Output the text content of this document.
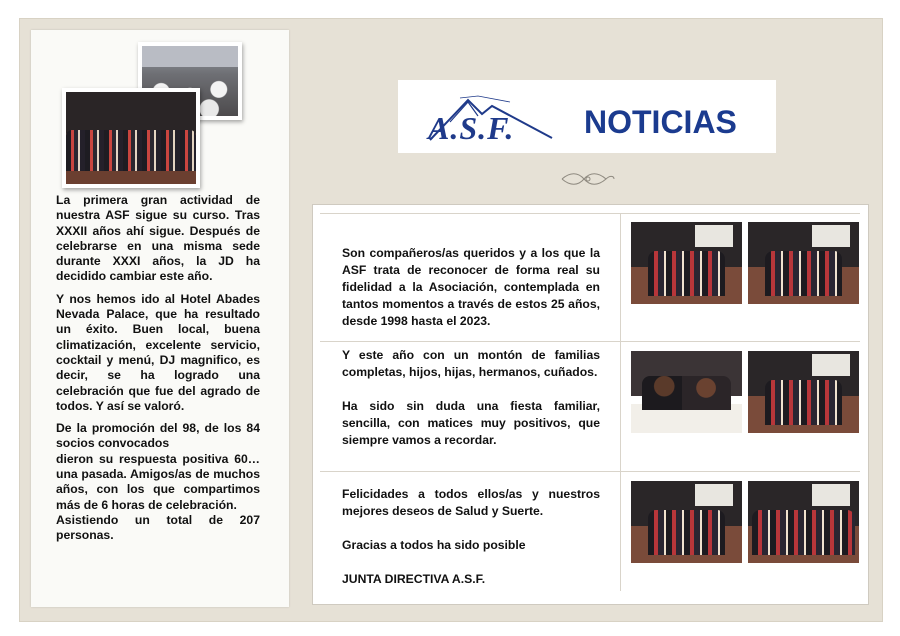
La primera gran actividad de nuestra ASF sigue su curso. Tras XXXII años ahí sigue. Después de celebrarse en una misma sede durante XXXI años, la JD ha decidido cambiar este año.

Y nos hemos ido al Hotel Abades Nevada Palace, que ha resultado un éxito. Buen local, buena climatización, excelente servicio, cocktail y menú, DJ magnifico, es decir, se ha logrado una celebración que fue del agrado de todos. Y así se valoró.

De la promoción del 98, de los 84 socios convocados
dieron su respuesta positiva 60…una pasada. Amigos/as de muchos años, con los que compartimos más de 6 horas de celebración.
Asistiendo un total de 207 personas.

A.S.F. NOTICIAS

Son compañeros/as queridos y a los que la ASF trata de reconocer de forma real su fidelidad a la Asociación, contemplada en tantos momentos a través de estos 25 años, desde 1998 hasta el 2023.

Y este año con un montón de familias completas, hijos, hijas, hermanos, cuñados.

Ha sido sin duda una fiesta familiar, sencilla, con matices muy positivos, que siempre vamos a recordar.

Felicidades a todos ellos/as y nuestros mejores deseos de Salud y Suerte.

Gracias a todos ha sido posible

JUNTA DIRECTIVA A.S.F.
